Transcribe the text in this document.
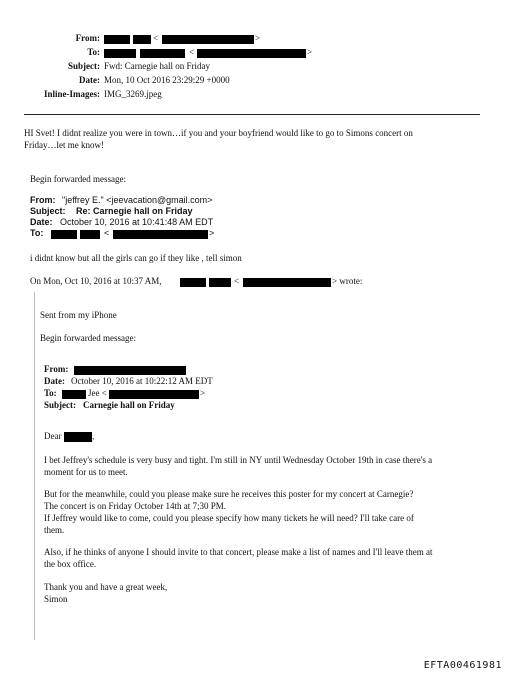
From:	<	>
To:	<	>
Subject: Fwd: Carnegie hall on Friday
Date: Mon, 10 Oct 2016 23:29:29 +0000
Inline-Images: IMG_3269.jpeg
HI Svet! I didnt realize you were in town…if you and your boyfriend would like to go to Simons concert on
Friday…let me know!
Begin forwarded message:
From: "jeffrey E." <jeevacation@gmail.com>
Subject: Re: Carnegie hall on Friday
Date: October 10, 2016 at 10:41:48 AM EDT
To:	<	>
i didnt know but all the girls can go if they like , tell simon
On Mon, Oct 10, 2016 at 10:37 AM,	<	> wrote:
Sent from my iPhone
Begin forwarded message:
From:
Date: October 10, 2016 at 10:22:12 AM EDT
To:	Jee <	>
Subject: Carnegie hall on Friday
Dear	,
I bet Jeffrey's schedule is very busy and tight. I'm still in NY until Wednesday October 19th in case there's a
moment for us to meet.
But for the meanwhile, could you please make sure he receives this poster for my concert at Carnegie?
The concert is on Friday October 14th at 7;30 PM.
If Jeffrey would like to come, could you please specify how many tickets he will need? I'll take care of
them.
Also, if he thinks of anyone I should invite to that concert, please make a list of names and I'll leave them at
the box office.
Thank you and have a great week,
Simon
EFTA00461981
